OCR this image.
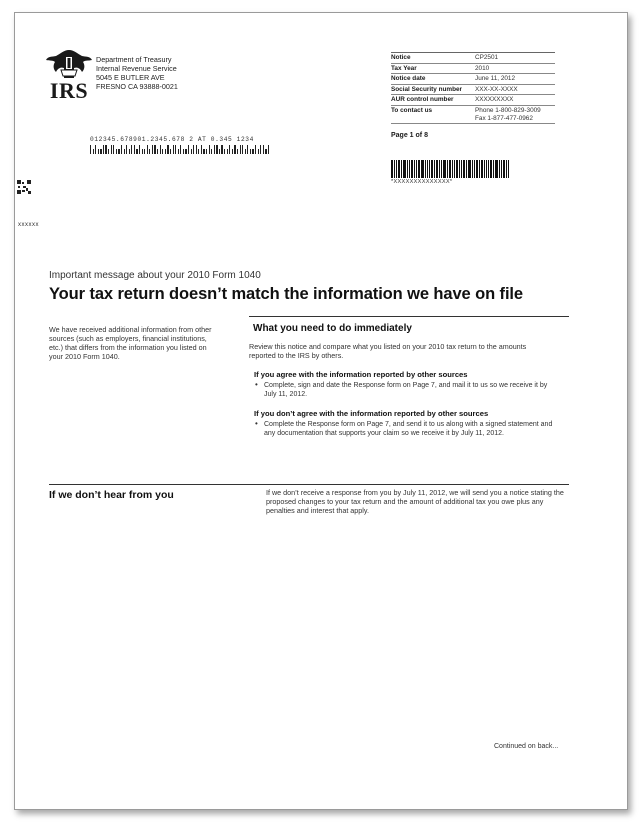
IRS
Department of Treasury
Internal Revenue Service
5045 E BUTLER AVE
FRESNO CA 93888-0021
012345.678901.2345.678 2 AT 0.345 1234
xxxxxx
Notice	CP2501
Tax Year	2010
Notice date	June 11, 2012
Social Security number	XXX-XX-XXXX
AUR control number	XXXXXXXXX
To contact us	Phone 1-800-829-3009
Fax 1-877-477-0962
Page 1 of 8
*XXXXXXXXXXXXXX*
Important message about your 2010 Form 1040
Your tax return doesn’t match the information we have on file
We have received additional information from other sources (such as employers, financial institutions, etc.) that differs from the information you listed on your 2010 Form 1040.
What you need to do immediately
Review this notice and compare what you listed on your 2010 tax return to the amounts reported to the IRS by others.
If you agree with the information reported by other sources
• Complete, sign and date the Response form on Page 7, and mail it to us so we receive it by July 11, 2012.
If you don’t agree with the information reported by other sources
• Complete the Response form on Page 7, and send it to us along with a signed statement and any documentation that supports your claim so we receive it by July 11, 2012.
If we don’t hear from you	If we don’t receive a response from you by July 11, 2012, we will send you a notice stating the proposed changes to your tax return and the amount of additional tax you owe plus any penalties and interest that apply.
Continued on back...
